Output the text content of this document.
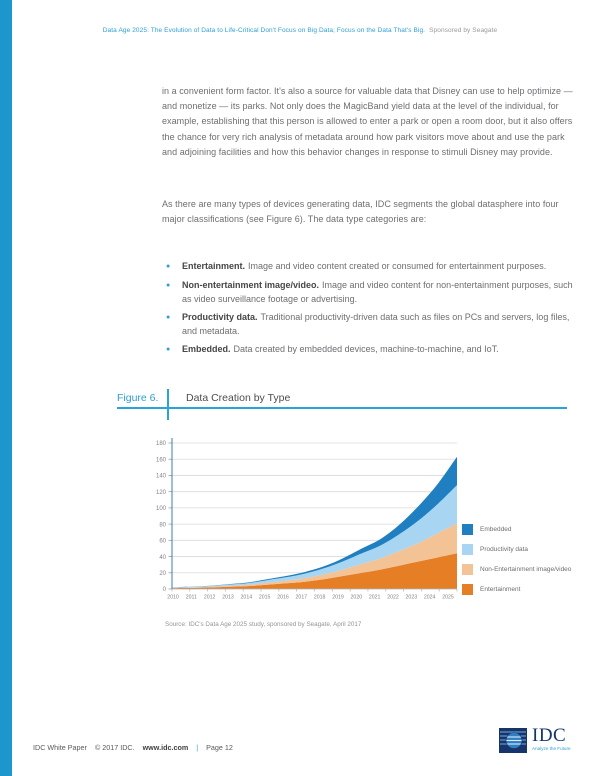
Data Age 2025: The Evolution of Data to Life-Critical Don't Focus on Big Data; Focus on the Data That's Big. Sponsored by Seagate

in a convenient form factor. It's also a source for valuable data that Disney can use to help optimize — and monetize — its parks. Not only does the MagicBand yield data at the level of the individual, for example, establishing that this person is allowed to enter a park or open a room door, but it also offers the chance for very rich analysis of metadata around how park visitors move about and use the park and adjoining facilities and how this behavior changes in response to stimuli Disney may provide.

As there are many types of devices generating data, IDC segments the global datasphere into four major classifications (see Figure 6). The data type categories are:

●	Entertainment. Image and video content created or consumed for entertainment purposes.
●	Non-entertainment image/video. Image and video content for non-entertainment purposes, such as video surveillance footage or advertising.
●	Productivity data. Traditional productivity-driven data such as files on PCs and servers, log files, and metadata.
●	Embedded. Data created by embedded devices, machine-to-machine, and IoT.
Figure 6.	Data Creation by Type
0
20
40
60
80
100
120
140
160
180
2010 2011 2012 2013 2014 2015 2016 2017 2018 2019 2020 2021 2022 2023 2024 2025
Embedded
Productivity data
Non-Entertainment image/video
Entertainment
Source: IDC's Data Age 2025 study, sponsored by Seagate, April 2017
IDC White Paper © 2017 IDC. www.idc.com | Page 12
IDC
Analyze the Future
